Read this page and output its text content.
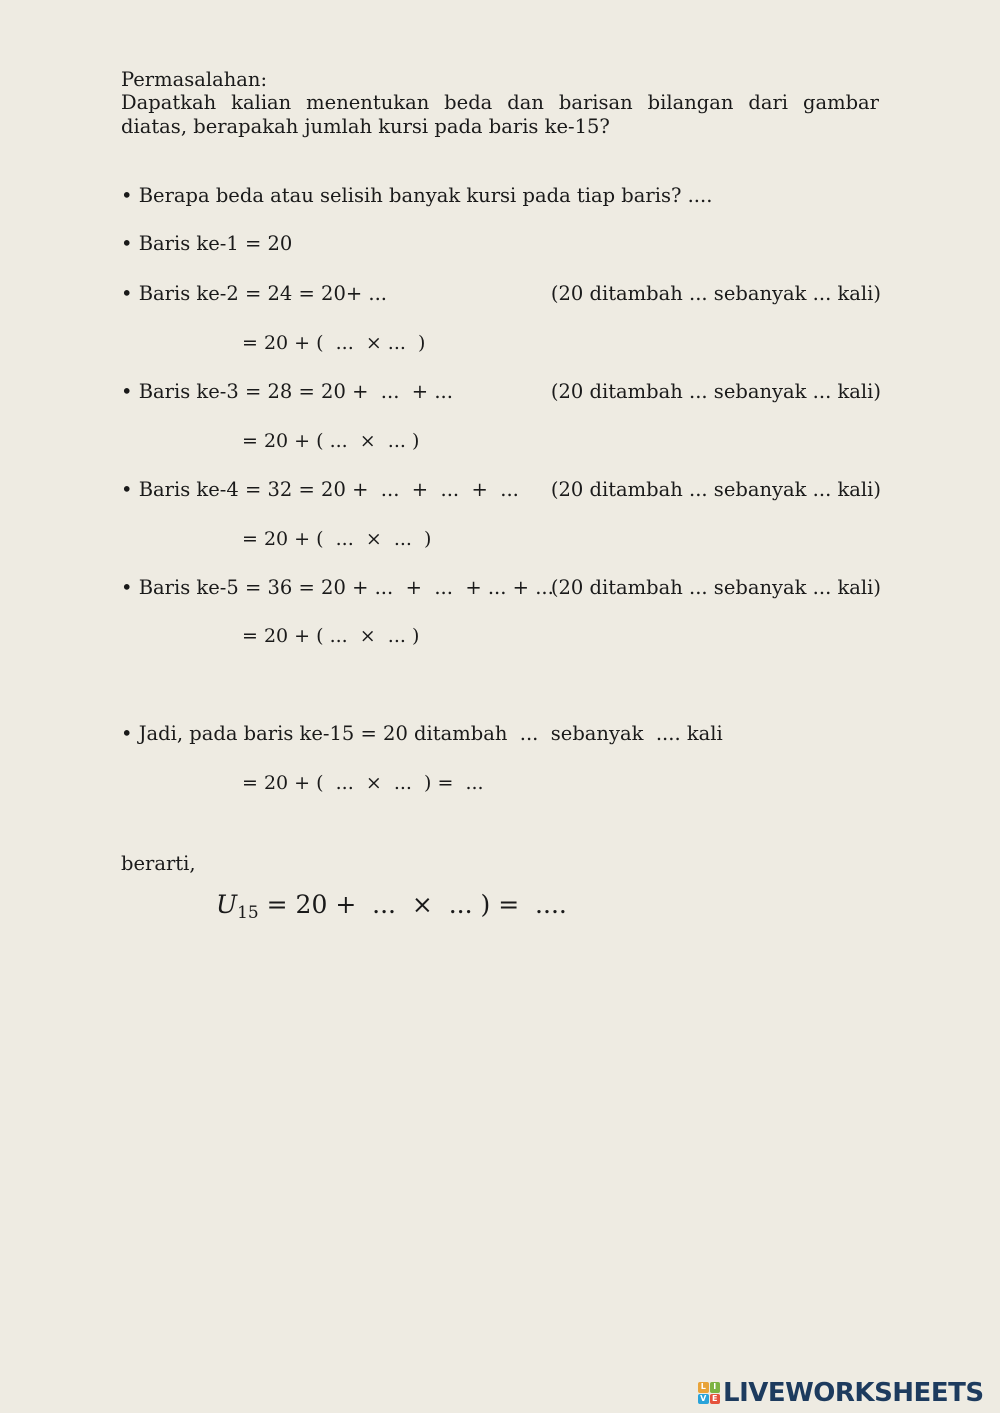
Permasalahan:
Dapatkah kalian menentukan beda dan barisan bilangan dari gambar
diatas, berapakah jumlah kursi pada baris ke-15?
• Berapa beda atau selisih banyak kursi pada tiap baris? ....
• Baris ke-1 = 20
• Baris ke-2 = 24 = 20+ ...	(20 ditambah ... sebanyak ... kali)
= 20 + (  ...  × ...  )
• Baris ke-3 = 28 = 20 +  ...  + ...	(20 ditambah ... sebanyak ... kali)
= 20 + ( ...  ×  ... )
• Baris ke-4 = 32 = 20 +  ...  +  ...  +  ... (20 ditambah ... sebanyak ... kali)
= 20 + (  ...  ×  ...  )
• Baris ke-5 = 36 = 20 + ...  +  ...  + ... + ...
(20 ditambah ... sebanyak ... kali)
= 20 + ( ...  ×  ... )
• Jadi, pada baris ke-15 = 20 ditambah  ...  sebanyak  .... kali
= 20 + (  ...  ×  ...  ) =  ...
berarti,
$U_{15} = 20$ +  ...  ×  ... ) =  ....
L I
V E LIVEWORKSHEETS
